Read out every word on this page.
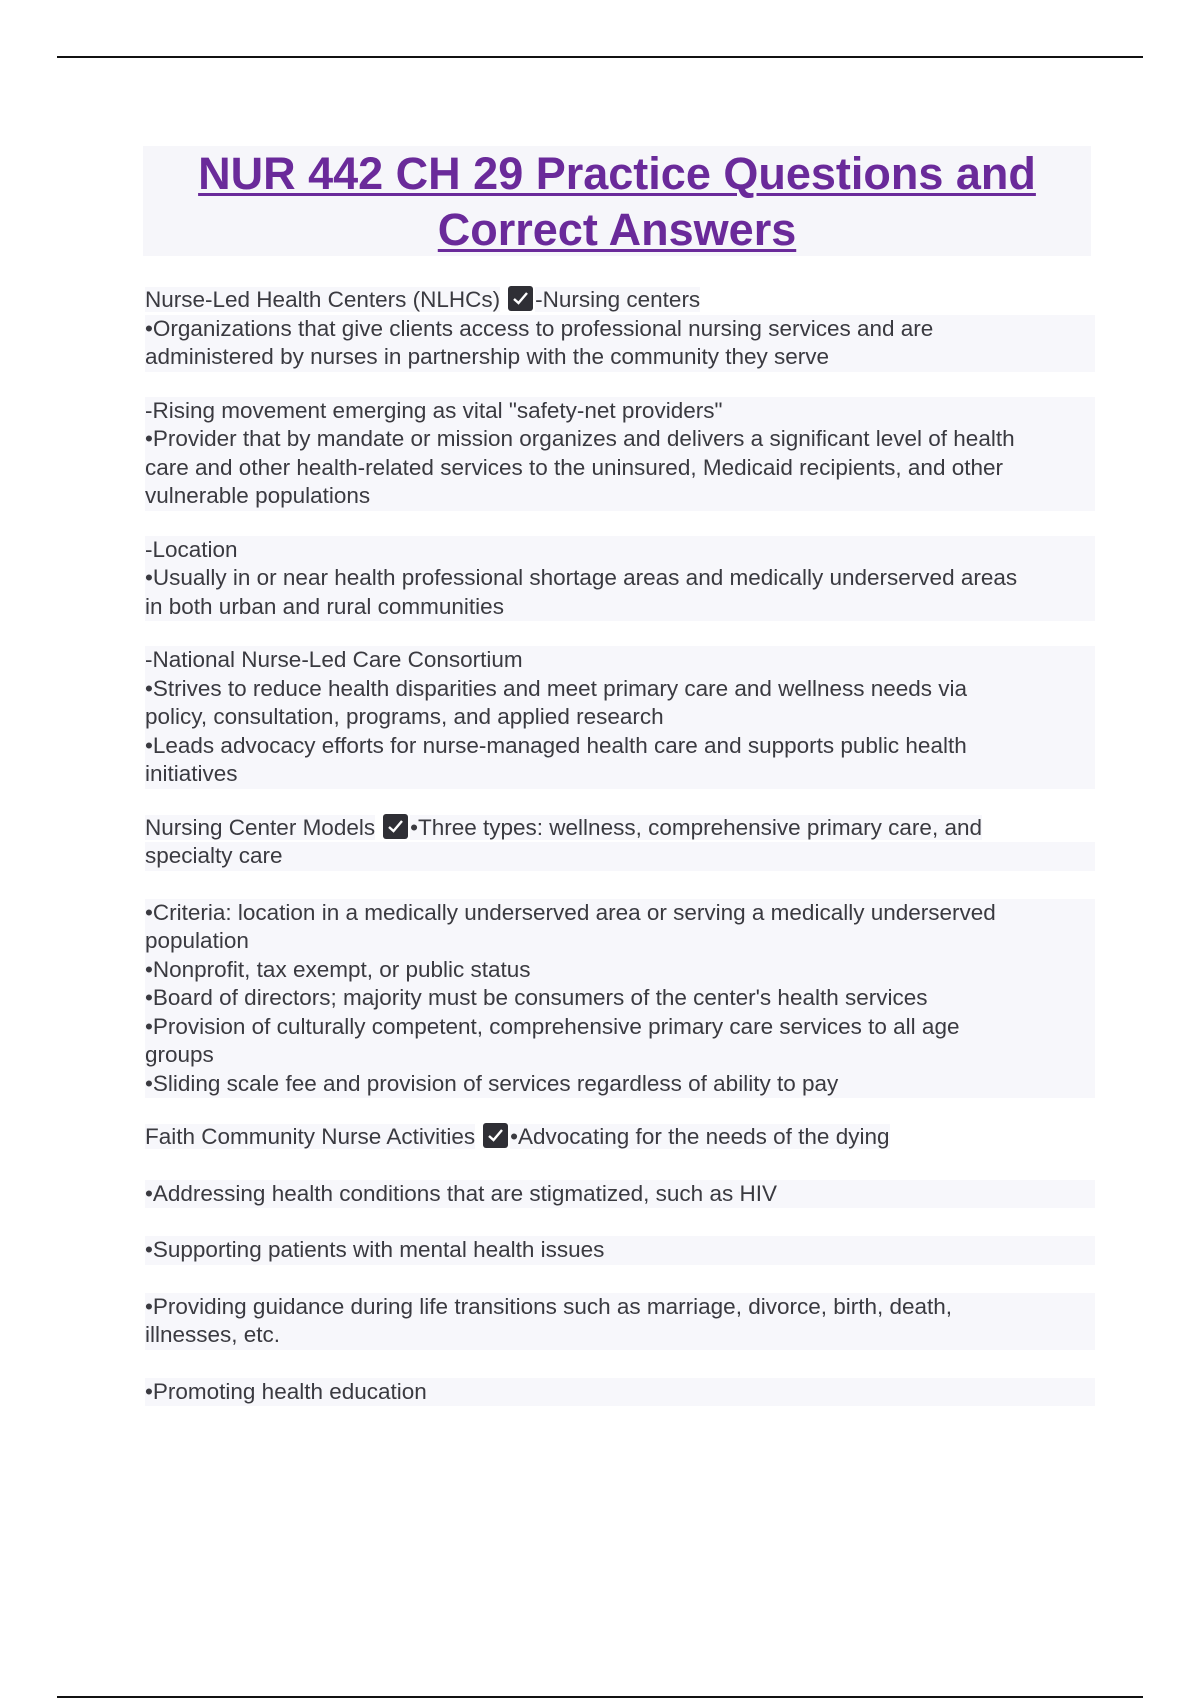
NUR 442 CH 29 Practice Questions and
Correct Answers
Nurse-Led Health Centers (NLHCs) -Nursing centers
•Organizations that give clients access to professional nursing services and are
administered by nurses in partnership with the community they serve
-Rising movement emerging as vital "safety-net providers"
•Provider that by mandate or mission organizes and delivers a significant level of health
care and other health-related services to the uninsured, Medicaid recipients, and other
vulnerable populations
-Location
•Usually in or near health professional shortage areas and medically underserved areas
in both urban and rural communities
-National Nurse-Led Care Consortium
•Strives to reduce health disparities and meet primary care and wellness needs via
policy, consultation, programs, and applied research
•Leads advocacy efforts for nurse-managed health care and supports public health
initiatives
Nursing Center Models •Three types: wellness, comprehensive primary care, and
specialty care
•Criteria: location in a medically underserved area or serving a medically underserved
population
•Nonprofit, tax exempt, or public status
•Board of directors; majority must be consumers of the center's health services
•Provision of culturally competent, comprehensive primary care services to all age
groups
•Sliding scale fee and provision of services regardless of ability to pay
Faith Community Nurse Activities •Advocating for the needs of the dying
•Addressing health conditions that are stigmatized, such as HIV
•Supporting patients with mental health issues
•Providing guidance during life transitions such as marriage, divorce, birth, death,
illnesses, etc.
•Promoting health education
